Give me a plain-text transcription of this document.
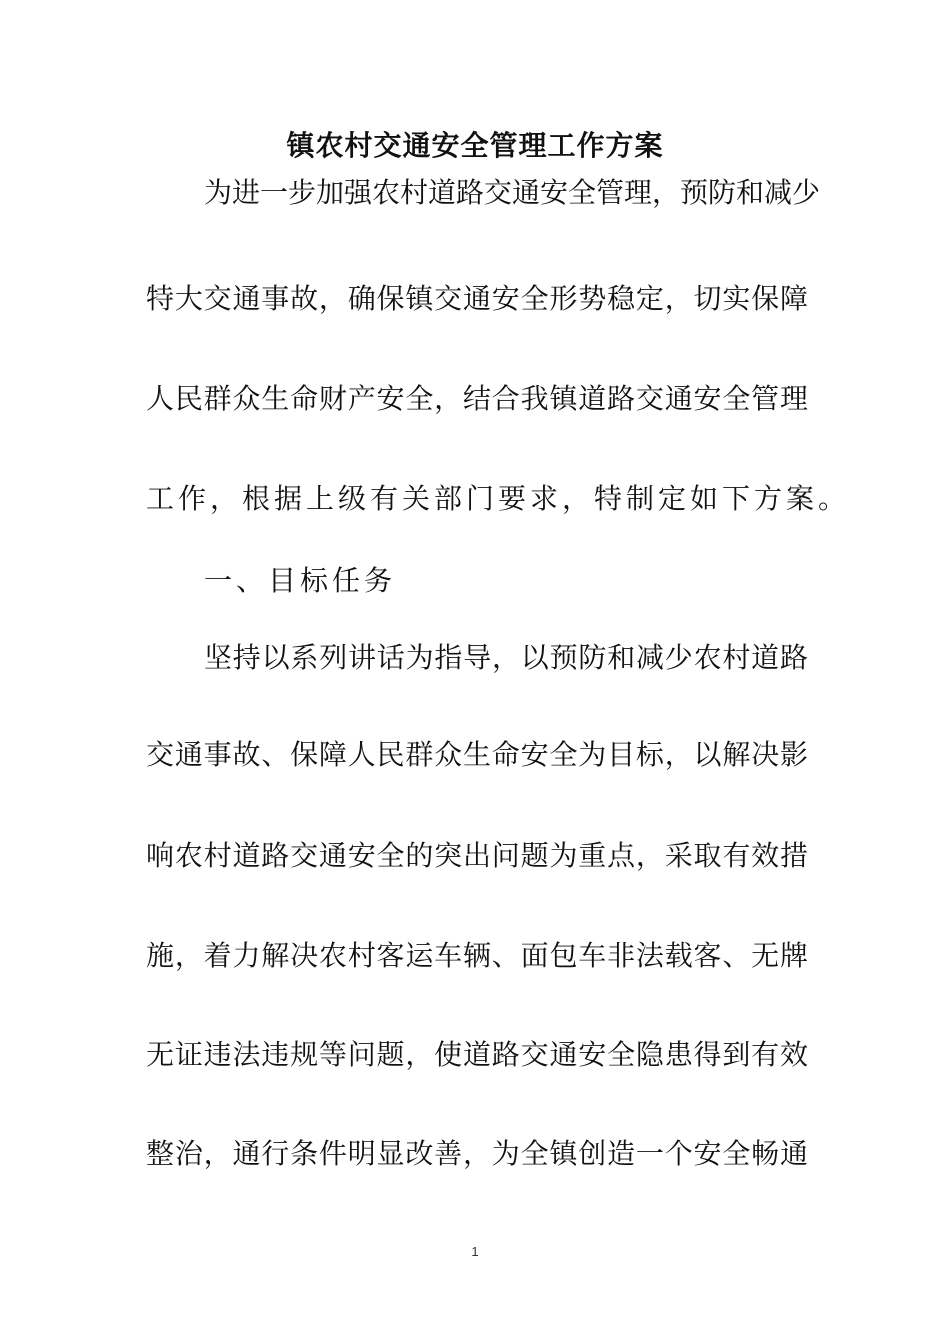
镇农村交通安全管理工作方案
为进一步加强农村道路交通安全管理，预防和减少
特大交通事故，确保镇交通安全形势稳定，切实保障
人民群众生命财产安全，结合我镇道路交通安全管理
工作，根据上级有关部门要求，特制定如下方案。
一、目标任务
坚持以系列讲话为指导，以预防和减少农村道路
交通事故、保障人民群众生命安全为目标，以解决影
响农村道路交通安全的突出问题为重点，采取有效措
施，着力解决农村客运车辆、面包车非法载客、无牌
无证违法违规等问题，使道路交通安全隐患得到有效
整治，通行条件明显改善，为全镇创造一个安全畅通
1
